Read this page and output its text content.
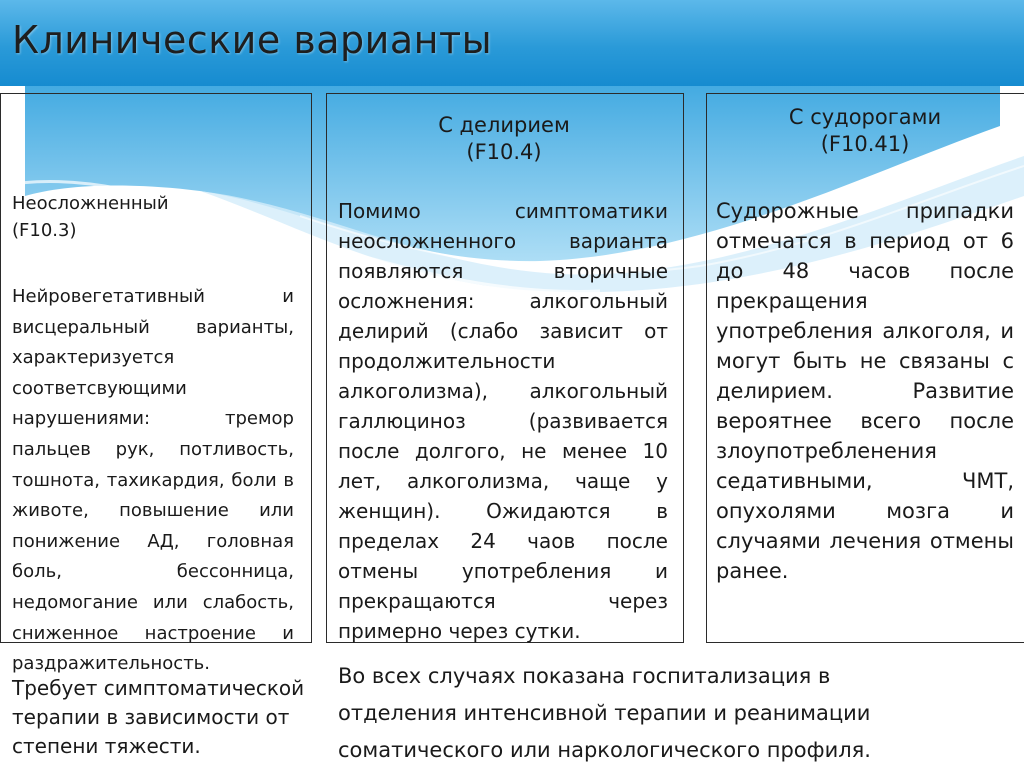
Клинические варианты
Неосложненный
(F10.3)
Нейровегетативный и висцеральный варианты, характеризуется соответсвующими нарушениями: тремор пальцев рук, потливость, тошнота, тахикардия, боли в животе, повышение или понижение АД, головная боль, бессонница, недомогание или слабость, сниженное настроение и раздражительность.
Требует симптоматической терапии в зависимости от степени тяжести.
С делирием
(F10.4)

Помимо симптоматики неосложненного варианта появляются вторичные осложнения: алкогольный делирий (слабо зависит от продолжительности алкоголизма), алкогольный галлюциноз (развивается после долгого, не менее 10 лет, алкоголизма, чаще у женщин). Ожидаются в пределах 24 чаов после отмены употребления и прекращаются через примерно через сутки.

С судорогами
(F10.41)

Судорожные припадки отмечатся в период от 6 до 48 часов после прекращения употребления алкоголя, и могут быть не связаны с делирием. Развитие вероятнее всего после злоупотребленения седативными, ЧМТ, опухолями мозга и случаями лечения отмены ранее.

Во всех случаях показана госпитализация в отделения интенсивной терапии и реанимации соматического или наркологического профиля.
